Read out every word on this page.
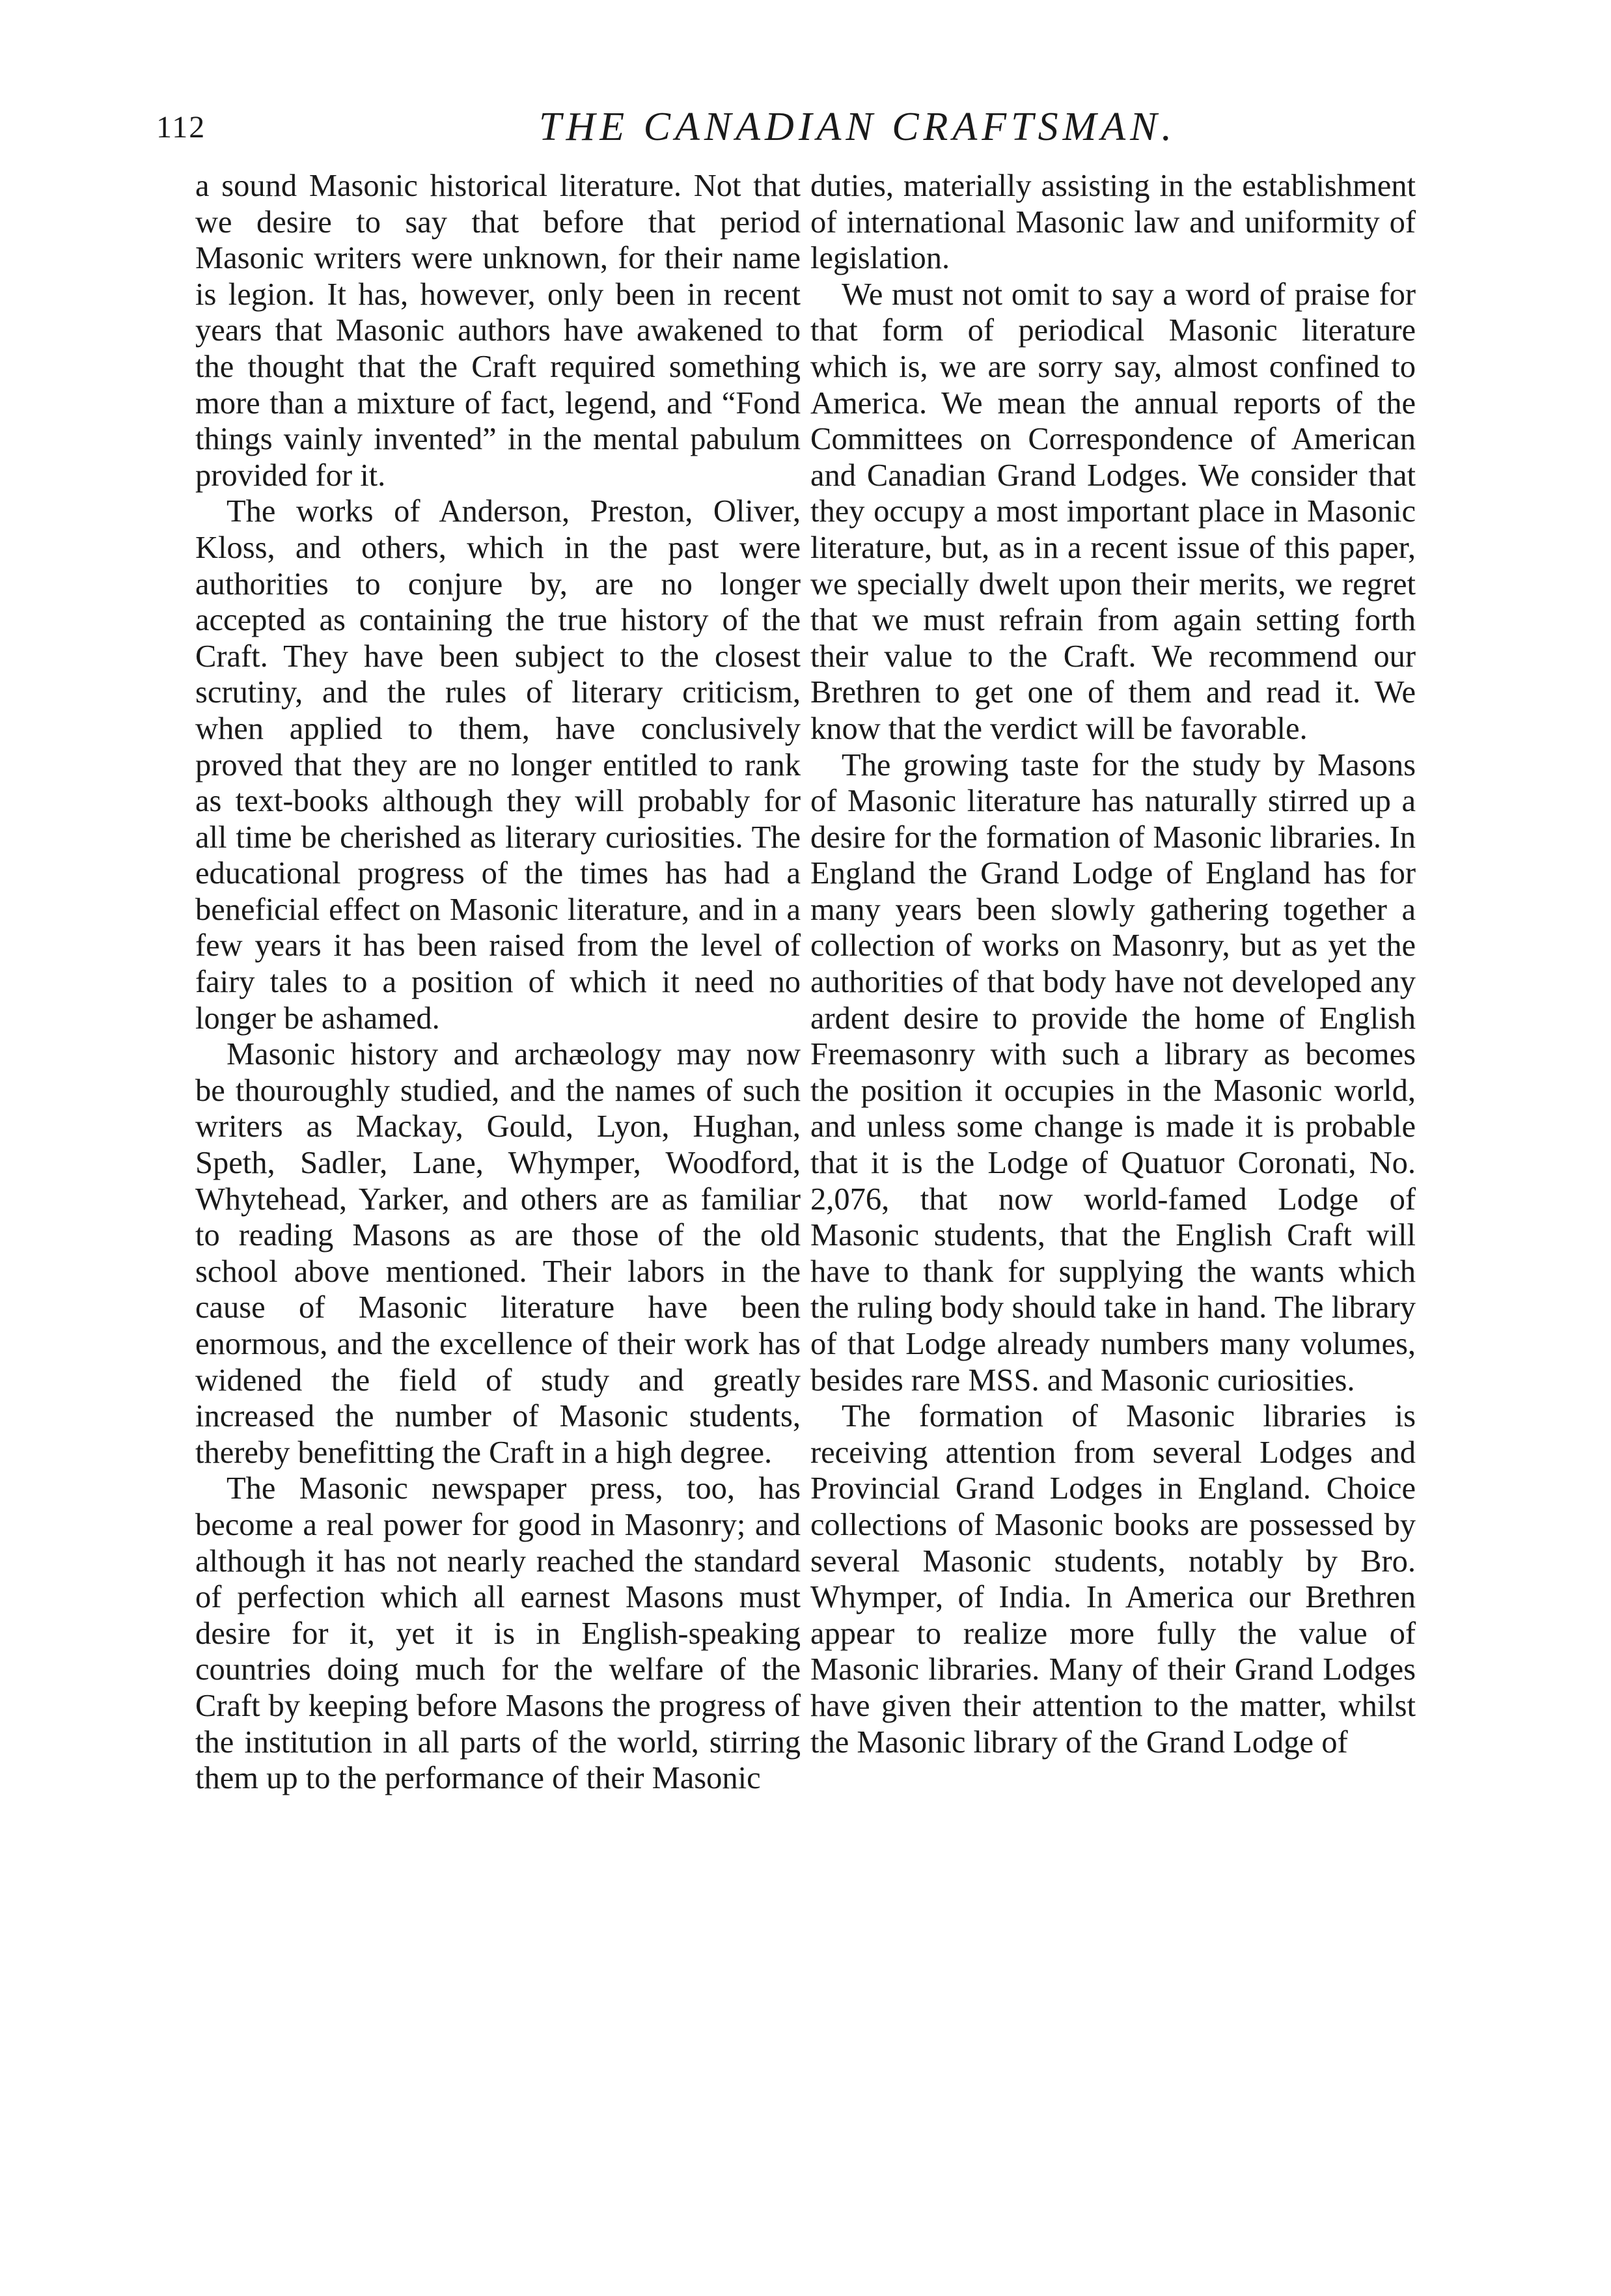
112	THE CANADIAN CRAFTSMAN.

a sound Masonic historical literature. Not that we desire to say that before that period Masonic writers were unknown, for their name is legion. It has, however, only been in recent years that Masonic authors have awakened to the thought that the Craft required something more than a mixture of fact, legend, and “Fond things vainly invented” in the mental pabulum provided for it.

The works of Anderson, Preston, Oliver, Kloss, and others, which in the past were authorities to conjure by, are no longer accepted as containing the true history of the Craft. They have been subject to the closest scrutiny, and the rules of literary criticism, when applied to them, have conclusively proved that they are no longer entitled to rank as text-books although they will probably for all time be cherished as literary curiosities. The educational progress of the times has had a beneficial effect on Masonic literature, and in a few years it has been raised from the level of fairy tales to a position of which it need no longer be ashamed.

Masonic history and archæology may now be thouroughly studied, and the names of such writers as Mackay, Gould, Lyon, Hughan, Speth, Sadler, Lane, Whymper, Woodford, Whytehead, Yarker, and others are as familiar to reading Masons as are those of the old school above mentioned. Their labors in the cause of Masonic literature have been enormous, and the excellence of their work has widened the field of study and greatly increased the number of Masonic students, thereby benefitting the Craft in a high degree.

The Masonic newspaper press, too, has become a real power for good in Masonry; and although it has not nearly reached the standard of perfection which all earnest Masons must desire for it, yet it is in English-speaking countries doing much for the welfare of the Craft by keeping before Masons the progress of the institution in all parts of the world, stirring them up to the performance of their Masonic

duties, materially assisting in the establishment of international Masonic law and uniformity of legislation.

We must not omit to say a word of praise for that form of periodical Masonic literature which is, we are sorry say, almost confined to America. We mean the annual reports of the Committees on Correspondence of American and Canadian Grand Lodges. We consider that they occupy a most important place in Masonic literature, but, as in a recent issue of this paper, we specially dwelt upon their merits, we regret that we must refrain from again setting forth their value to the Craft. We recommend our Brethren to get one of them and read it. We know that the verdict will be favorable.

The growing taste for the study by Masons of Masonic literature has naturally stirred up a desire for the formation of Masonic libraries. In England the Grand Lodge of England has for many years been slowly gathering together a collection of works on Masonry, but as yet the authorities of that body have not developed any ardent desire to provide the home of English Freemasonry with such a library as becomes the position it occupies in the Masonic world, and unless some change is made it is probable that it is the Lodge of Quatuor Coronati, No. 2,076, that now world-famed Lodge of Masonic students, that the English Craft will have to thank for supplying the wants which the ruling body should take in hand. The library of that Lodge already numbers many volumes, besides rare MSS. and Masonic curiosities.

The formation of Masonic libraries is receiving attention from several Lodges and Provincial Grand Lodges in England. Choice collections of Masonic books are possessed by several Masonic students, notably by Bro. Whymper, of India. In America our Brethren appear to realize more fully the value of Masonic libraries. Many of their Grand Lodges have given their attention to the matter, whilst the Masonic library of the Grand Lodge of
